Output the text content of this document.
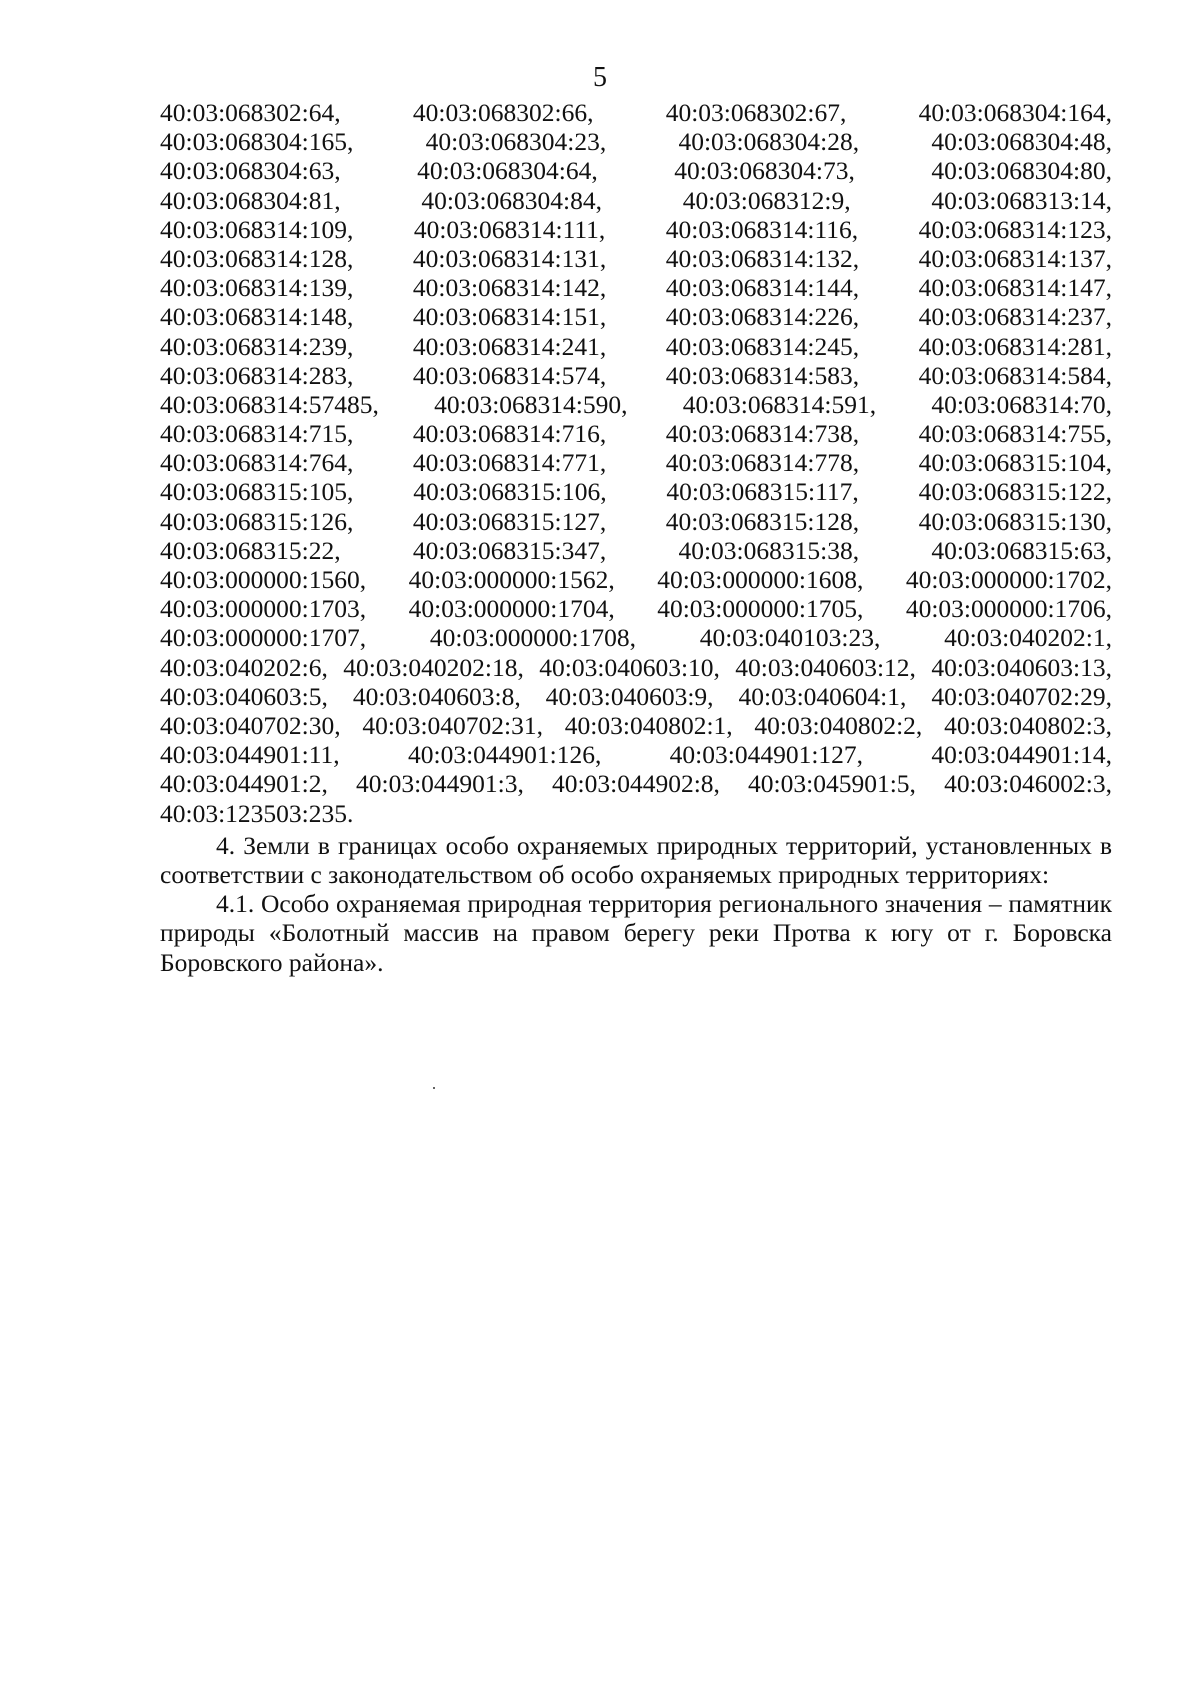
5
40:03:068302:64,	40:03:068302:66,	40:03:068302:67,	40:03:068304:164,
40:03:068304:165,	40:03:068304:23,	40:03:068304:28,	40:03:068304:48,
40:03:068304:63,	40:03:068304:64,	40:03:068304:73,	40:03:068304:80,
40:03:068304:81,	40:03:068304:84,	40:03:068312:9,	40:03:068313:14,
40:03:068314:109, 40:03:068314:111, 40:03:068314:116, 40:03:068314:123,
40:03:068314:128, 40:03:068314:131, 40:03:068314:132, 40:03:068314:137,
40:03:068314:139, 40:03:068314:142, 40:03:068314:144, 40:03:068314:147,
40:03:068314:148, 40:03:068314:151, 40:03:068314:226, 40:03:068314:237,
40:03:068314:239, 40:03:068314:241, 40:03:068314:245, 40:03:068314:281,
40:03:068314:283, 40:03:068314:574, 40:03:068314:583, 40:03:068314:584,
40:03:068314:57485, 40:03:068314:590, 40:03:068314:591, 40:03:068314:70,
40:03:068314:715, 40:03:068314:716, 40:03:068314:738, 40:03:068314:755,
40:03:068314:764, 40:03:068314:771, 40:03:068314:778, 40:03:068315:104,
40:03:068315:105, 40:03:068315:106, 40:03:068315:117, 40:03:068315:122,
40:03:068315:126, 40:03:068315:127, 40:03:068315:128, 40:03:068315:130,
40:03:068315:22,	40:03:068315:347,	40:03:068315:38,	40:03:068315:63,
40:03:000000:1560, 40:03:000000:1562, 40:03:000000:1608, 40:03:000000:1702,
40:03:000000:1703, 40:03:000000:1704, 40:03:000000:1705, 40:03:000000:1706,
40:03:000000:1707, 40:03:000000:1708, 40:03:040103:23, 40:03:040202:1,
40:03:040202:6, 40:03:040202:18, 40:03:040603:10, 40:03:040603:12, 40:03:040603:13,
40:03:040603:5, 40:03:040603:8, 40:03:040603:9, 40:03:040604:1, 40:03:040702:29,
40:03:040702:30, 40:03:040702:31, 40:03:040802:1, 40:03:040802:2, 40:03:040802:3,
40:03:044901:11,	40:03:044901:126,	40:03:044901:127,	40:03:044901:14,
40:03:044901:2, 40:03:044901:3, 40:03:044902:8, 40:03:045901:5, 40:03:046002:3,
40:03:123503:235.

4. Земли в границах особо охраняемых природных территорий, установленных в соответствии с законодательством об особо охраняемых природных территориях:

4.1. Особо охраняемая природная территория регионального значения – памятник природы «Болотный массив на правом берегу реки Протва к югу от г. Боровска Боровского района».
